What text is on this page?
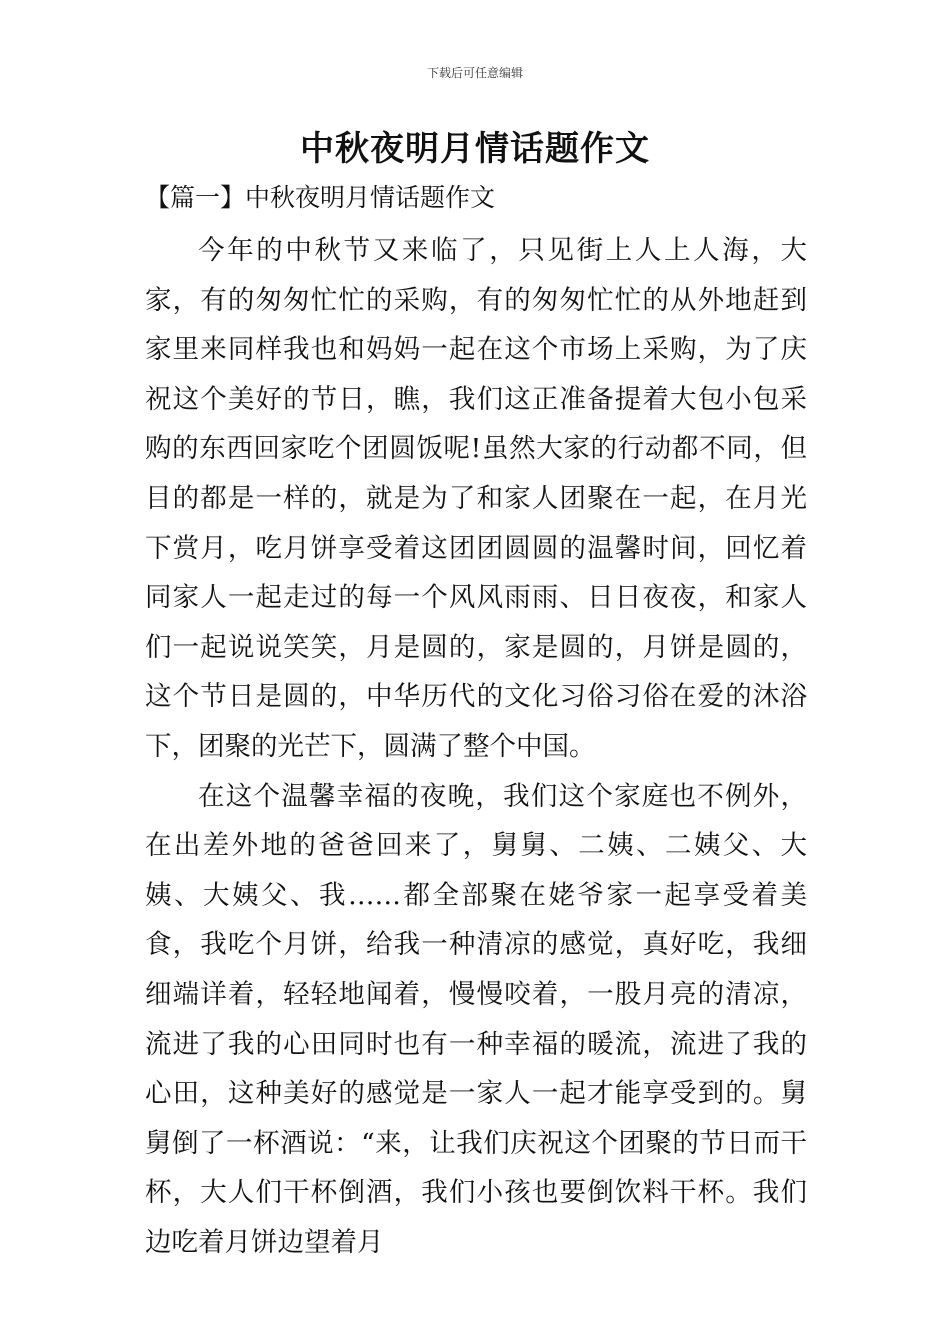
下载后可任意编辑
中秋夜明月情话题作文
【篇一】中秋夜明月情话题作文

今年的中秋节又来临了，只见街上人上人海，大家，有的匆匆忙忙的采购，有的匆匆忙忙的从外地赶到家里来同样我也和妈妈一起在这个市场上采购，为了庆祝这个美好的节日，瞧，我们这正准备提着大包小包采购的东西回家吃个团圆饭呢!虽然大家的行动都不同，但目的都是一样的，就是为了和家人团聚在一起，在月光下赏月，吃月饼享受着这团团圆圆的温馨时间，回忆着同家人一起走过的每一个风风雨雨、日日夜夜，和家人们一起说说笑笑，月是圆的，家是圆的，月饼是圆的，这个节日是圆的，中华历代的文化习俗习俗在爱的沐浴下，团聚的光芒下，圆满了整个中国。

在这个温馨幸福的夜晚，我们这个家庭也不例外，在出差外地的爸爸回来了，舅舅、二姨、二姨父、大姨、大姨父、我……都全部聚在姥爷家一起享受着美食，我吃个月饼，给我一种清凉的感觉，真好吃，我细细端详着，轻轻地闻着，慢慢咬着，一股月亮的清凉，流进了我的心田同时也有一种幸福的暖流，流进了我的心田，这种美好的感觉是一家人一起才能享受到的。舅舅倒了一杯酒说：“来，让我们庆祝这个团聚的节日而干杯，大人们干杯倒酒，我们小孩也要倒饮料干杯。我们边吃着月饼边望着月
